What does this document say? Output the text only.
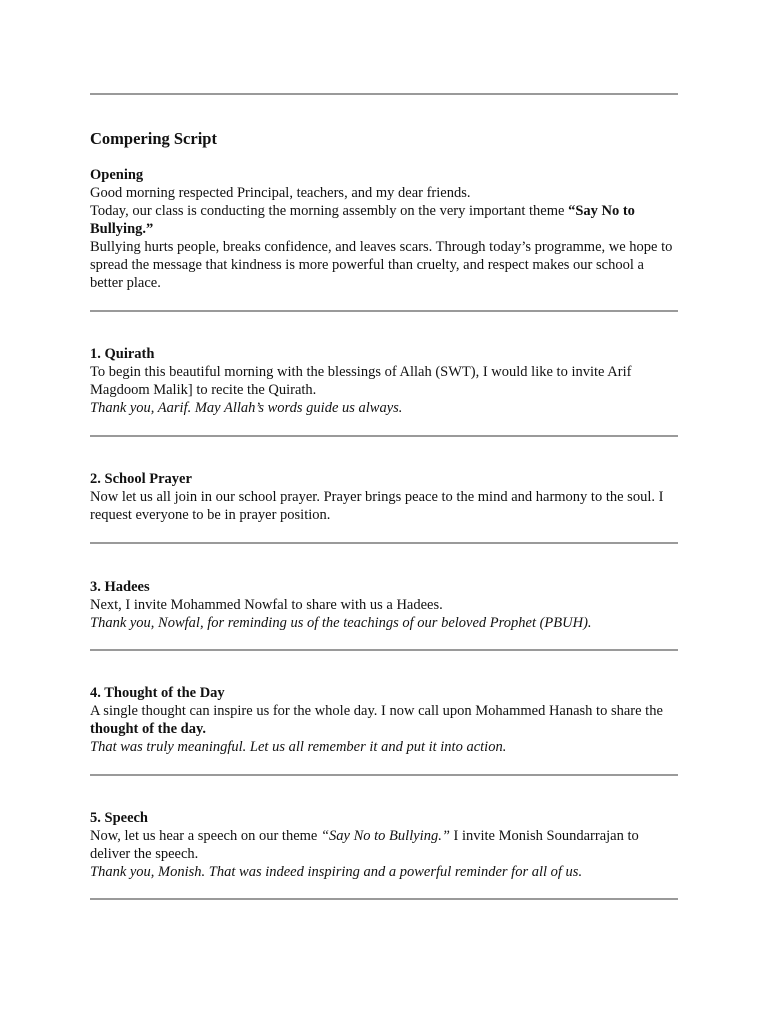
Compering Script
Opening
Good morning respected Principal, teachers, and my dear friends.
Today, our class is conducting the morning assembly on the very important theme “Say No to Bullying.”
Bullying hurts people, breaks confidence, and leaves scars. Through today’s programme, we hope to spread the message that kindness is more powerful than cruelty, and respect makes our school a better place.
1. Quirath
To begin this beautiful morning with the blessings of Allah (SWT), I would like to invite Arif Magdoom Malik] to recite the Quirath.
Thank you, Aarif. May Allah’s words guide us always.
2. School Prayer
Now let us all join in our school prayer. Prayer brings peace to the mind and harmony to the soul. I request everyone to be in prayer position.
3. Hadees
Next, I invite Mohammed Nowfal to share with us a Hadees.
Thank you, Nowfal, for reminding us of the teachings of our beloved Prophet (PBUH).
4. Thought of the Day
A single thought can inspire us for the whole day. I now call upon Mohammed Hanash to share the thought of the day.
That was truly meaningful. Let us all remember it and put it into action.
5. Speech
Now, let us hear a speech on our theme “Say No to Bullying.” I invite Monish Soundarrajan to deliver the speech.
Thank you, Monish. That was indeed inspiring and a powerful reminder for all of us.
